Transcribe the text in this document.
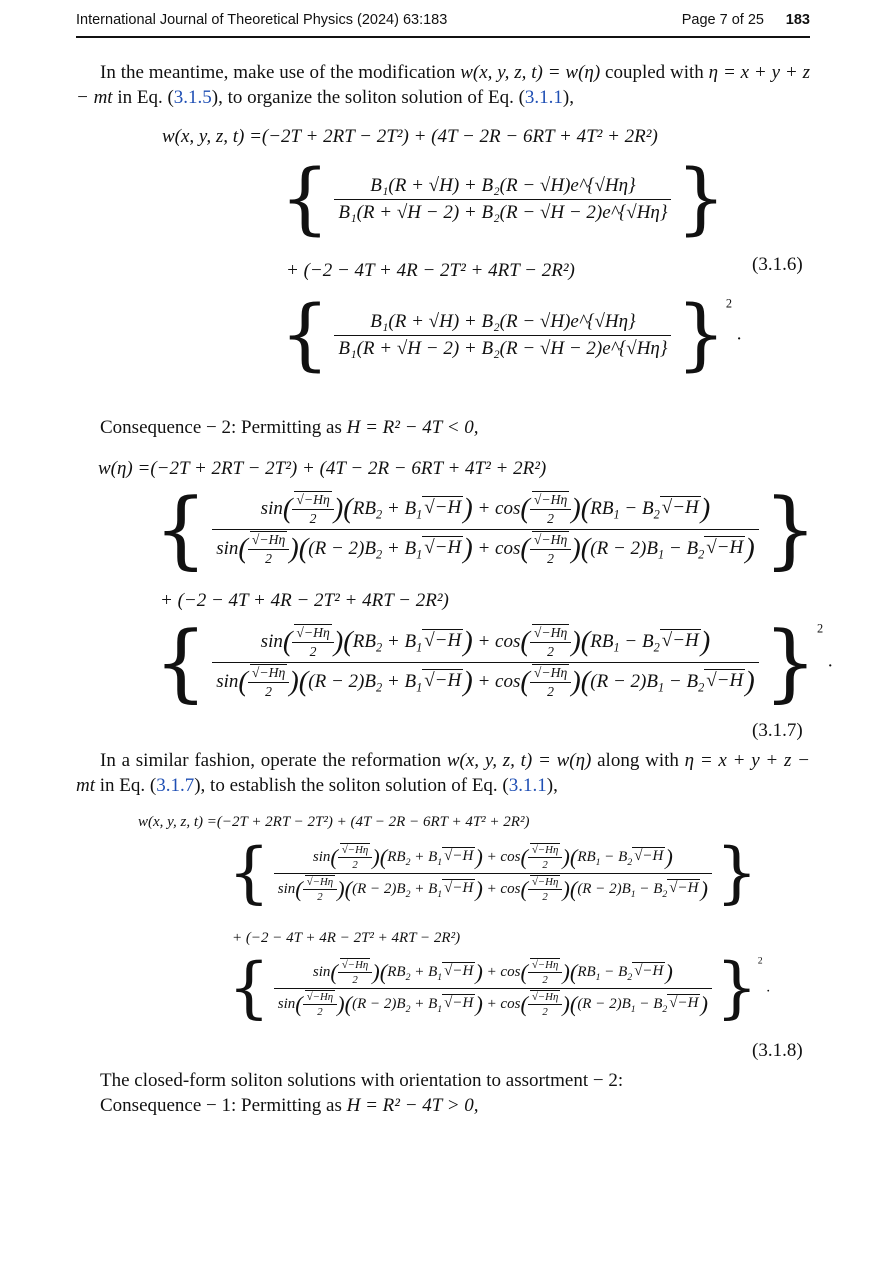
International Journal of Theoretical Physics (2024) 63:183	Page 7 of 25 183
In the meantime, make use of the modification w(x, y, z, t) = w(η) coupled with η = x + y + z − mt in Eq. (3.1.5), to organize the soliton solution of Eq. (3.1.1),
w(x, y, z, t) =(−2T + 2RT − 2T²) + (4T − 2R − 6RT + 4T² + 2R²)
{ $\frac{\text{B₁(R + √H) + B₂(R − √H)e\textasciicircum{}\{√Hη\}}}{\text{B₁(R + √H − 2) + B₂(R − √H − 2)e\textasciicircum{}\{√Hη\}}}$ }
+ (−2 − 4T + 4R − 2T² + 4RT − 2R²)	(3.1.6)
{ $\frac{\text{B₁(R + √H) + B₂(R − √H)e\textasciicircum{}\{√Hη\}}}{\text{B₁(R + √H − 2) + B₂(R − √H − 2)e\textasciicircum{}\{√Hη\}}} \}^2$ .
Consequence − 2: Permitting as H = R² − 4T < 0,
w(η) =(−2T + 2RT − 2T²) + (4T − 2R − 6RT + 4T² + 2R²)
{	$\sin( \frac{√-H\eta}{2} )(RB_2 + B_1$ $√-H) + \cos( \frac{√-H\eta}{2} )(RB_1 - B_2$ √−H)
$\sin( \frac{√-H\eta}{2} )((R - 2)B_2 + B_1$ $√-H) + \cos( \frac{√-H\eta}{2} )((R - 2)B_1 - B_2$ √−H) }
+ (−2 − 4T + 4R − 2T² + 4RT − 2R²)
{	$\sin( \frac{√-H\eta}{2} )(RB_2 + B_1$ $√-H) + \cos( \frac{√-H\eta}{2} )(RB_1 - B_2$ √−H)
$\sin( \frac{√-H\eta}{2} )((R - 2)B_2 + B_1$ $√-H) + \cos( \frac{√-H\eta}{2} )((R - 2)B_1 - B_2$ √−H) }$^2$ .
(3.1.7)
In a similar fashion, operate the reformation w(x, y, z, t) = w(η) along with η = x + y + z − mt in Eq. (3.1.7), to establish the soliton solution of Eq. (3.1.1),
w(x, y, z, t) =(−2T + 2RT − 2T²) + (4T − 2R − 6RT + 4T² + 2R²)
{	$\sin( \frac{√-H\eta}{2} )(RB_2 + B_1$ $√-H) + \cos( \frac{√-H\eta}{2} )(RB_1 - B_2$ √−H)
$\sin( \frac{√-H\eta}{2} )((R - 2)B_2 + B_1$ $√-H) + \cos( \frac{√-H\eta}{2} )((R - 2)B_1 - B_2$ √−H) }
+ (−2 − 4T + 4R − 2T² + 4RT − 2R²)
{	$\sin( \frac{√-H\eta}{2} )(RB_2 + B_1$ $√-H) + \cos( \frac{√-H\eta}{2} )(RB_1 - B_2$ √−H)
$\sin( \frac{√-H\eta}{2} )((R - 2)B_2 + B_1$ $√-H) + \cos( \frac{√-H\eta}{2} )((R - 2)B_1 - B_2$ √−H) }$^2$ .
(3.1.8)
The closed-form soliton solutions with orientation to assortment − 2:
Consequence − 1: Permitting as H = R² − 4T > 0,
